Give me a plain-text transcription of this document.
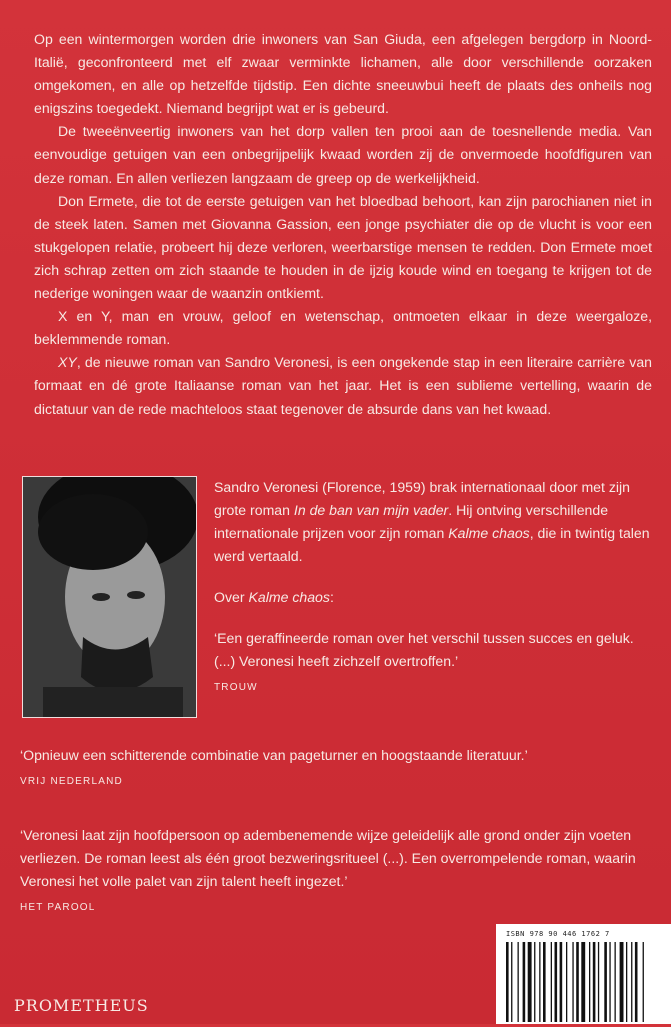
Op een wintermorgen worden drie inwoners van San Giuda, een afgelegen bergdorp in Noord-Italië, geconfronteerd met elf zwaar verminkte lichamen, alle door verschillende oorzaken omgekomen, en alle op hetzelfde tijdstip. Een dichte sneeuwbui heeft de plaats des onheils nog enigszins toegedekt. Niemand begrijpt wat er is gebeurd.

De tweeënveertig inwoners van het dorp vallen ten prooi aan de toesnellende media. Van eenvoudige getuigen van een onbegrijpelijk kwaad worden zij de onvermoede hoofdfiguren van deze roman. En allen verliezen langzaam de greep op de werkelijkheid.

Don Ermete, die tot de eerste getuigen van het bloedbad behoort, kan zijn parochianen niet in de steek laten. Samen met Giovanna Gassion, een jonge psychiater die op de vlucht is voor een stukgelopen relatie, probeert hij deze verloren, weerbarstige mensen te redden. Don Ermete moet zich schrap zetten om zich staande te houden in de ijzig koude wind en toegang te krijgen tot de nederige woningen waar de waanzin ontkiemt.

X en Y, man en vrouw, geloof en wetenschap, ontmoeten elkaar in deze weergaloze, beklemmende roman.

XY, de nieuwe roman van Sandro Veronesi, is een ongekende stap in een literaire carrière van formaat en dé grote Italiaanse roman van het jaar. Het is een sublieme vertelling, waarin de dictatuur van de rede machteloos staat tegenover de absurde dans van het kwaad.

Sandro Veronesi (Florence, 1959) brak internationaal door met zijn grote roman In de ban van mijn vader. Hij ontving verschillende internationale prijzen voor zijn roman Kalme chaos, die in twintig talen werd vertaald.

Over Kalme chaos:

‘Een geraffineerde roman over het verschil tussen succes en geluk. (...) Veronesi heeft zichzelf overtroffen.’

TROUW

‘Opnieuw een schitterende combinatie van pageturner en hoogstaande literatuur.’

VRIJ NEDERLAND

‘Veronesi laat zijn hoofdpersoon op adembenemende wijze geleidelijk alle grond onder zijn voeten verliezen. De roman leest als één groot bezweringsritueel (...). Een overrompelende roman, waarin Veronesi het volle palet van zijn talent heeft ingezet.’

HET PAROOL
PROMETHEUS
ISBN 978 90 446 1762 7
